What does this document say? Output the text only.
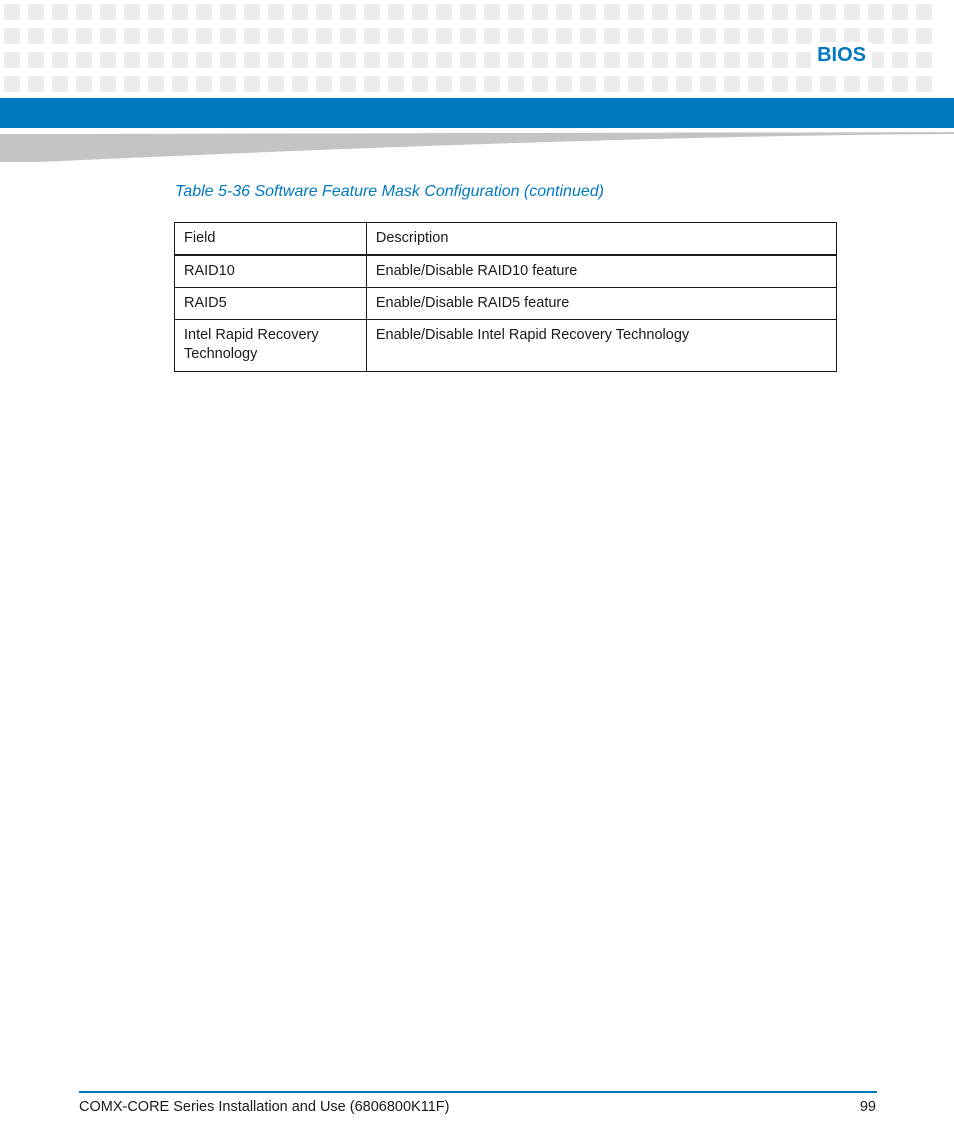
BIOS
Table 5-36 Software Feature Mask Configuration (continued)
Field	Description
RAID10	Enable/Disable RAID10 feature
RAID5	Enable/Disable RAID5 feature
Intel Rapid Recovery Technology	Enable/Disable Intel Rapid Recovery Technology
COMX-CORE Series Installation and Use (6806800K11F)	99
